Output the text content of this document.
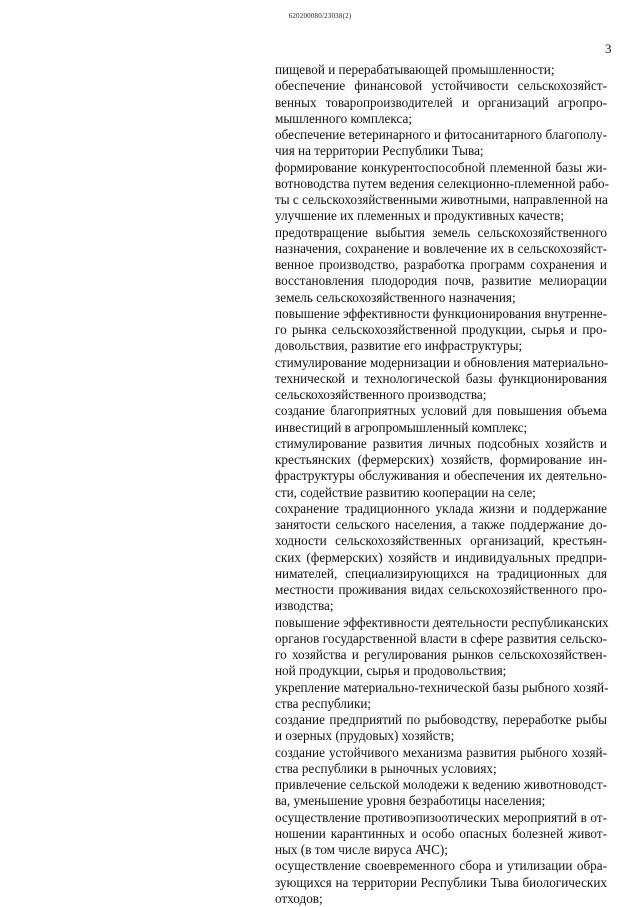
620200080/23038(2)
3
пищевой и перерабатывающей промышленности;
обеспечение финансовой устойчивости сельскохозяйст-
венных товаропроизводителей и организаций агропро-
мышленного комплекса;
обеспечение ветеринарного и фитосанитарного благополу-
чия на территории Республики Тыва;
формирование конкурентоспособной племенной базы жи-
вотноводства путем ведения селекционно-племенной рабо-
ты с сельскохозяйственными животными, направленной на
улучшение их племенных и продуктивных качеств;
предотвращение выбытия земель сельскохозяйственного
назначения, сохранение и вовлечение их в сельскохозяйст-
венное производство, разработка программ сохранения и
восстановления плодородия почв, развитие мелиорации
земель сельскохозяйственного назначения;
повышение эффективности функционирования внутренне-
го рынка сельскохозяйственной продукции, сырья и про-
довольствия, развитие его инфраструктуры;
стимулирование модернизации и обновления материально-
технической и технологической базы функционирования
сельскохозяйственного производства;
создание благоприятных условий для повышения объема
инвестиций в агропромышленный комплекс;
стимулирование развития личных подсобных хозяйств и
крестьянских (фермерских) хозяйств, формирование ин-
фраструктуры обслуживания и обеспечения их деятельно-
сти, содействие развитию кооперации на селе;
сохранение традиционного уклада жизни и поддержание
занятости сельского населения, а также поддержание до-
ходности сельскохозяйственных организаций, крестьян-
ских (фермерских) хозяйств и индивидуальных предпри-
нимателей, специализирующихся на традиционных для
местности проживания видах сельскохозяйственного про-
изводства;
повышение эффективности деятельности республиканских
органов государственной власти в сфере развития сельско-
го хозяйства и регулирования рынков сельскохозяйствен-
ной продукции, сырья и продовольствия;
укрепление материально-технической базы рыбного хозяй-
ства республики;
создание предприятий по рыбоводству, переработке рыбы
и озерных (прудовых) хозяйств;
создание устойчивого механизма развития рыбного хозяй-
ства республики в рыночных условиях;
привлечение сельской молодежи к ведению животноводст-
ва, уменьшение уровня безработицы населения;
осуществление противоэпизоотических мероприятий в от-
ношении карантинных и особо опасных болезней живот-
ных (в том числе вируса АЧС);
осуществление своевременного сбора и утилизации обра-
зующихся на территории Республики Тыва биологических
отходов;
